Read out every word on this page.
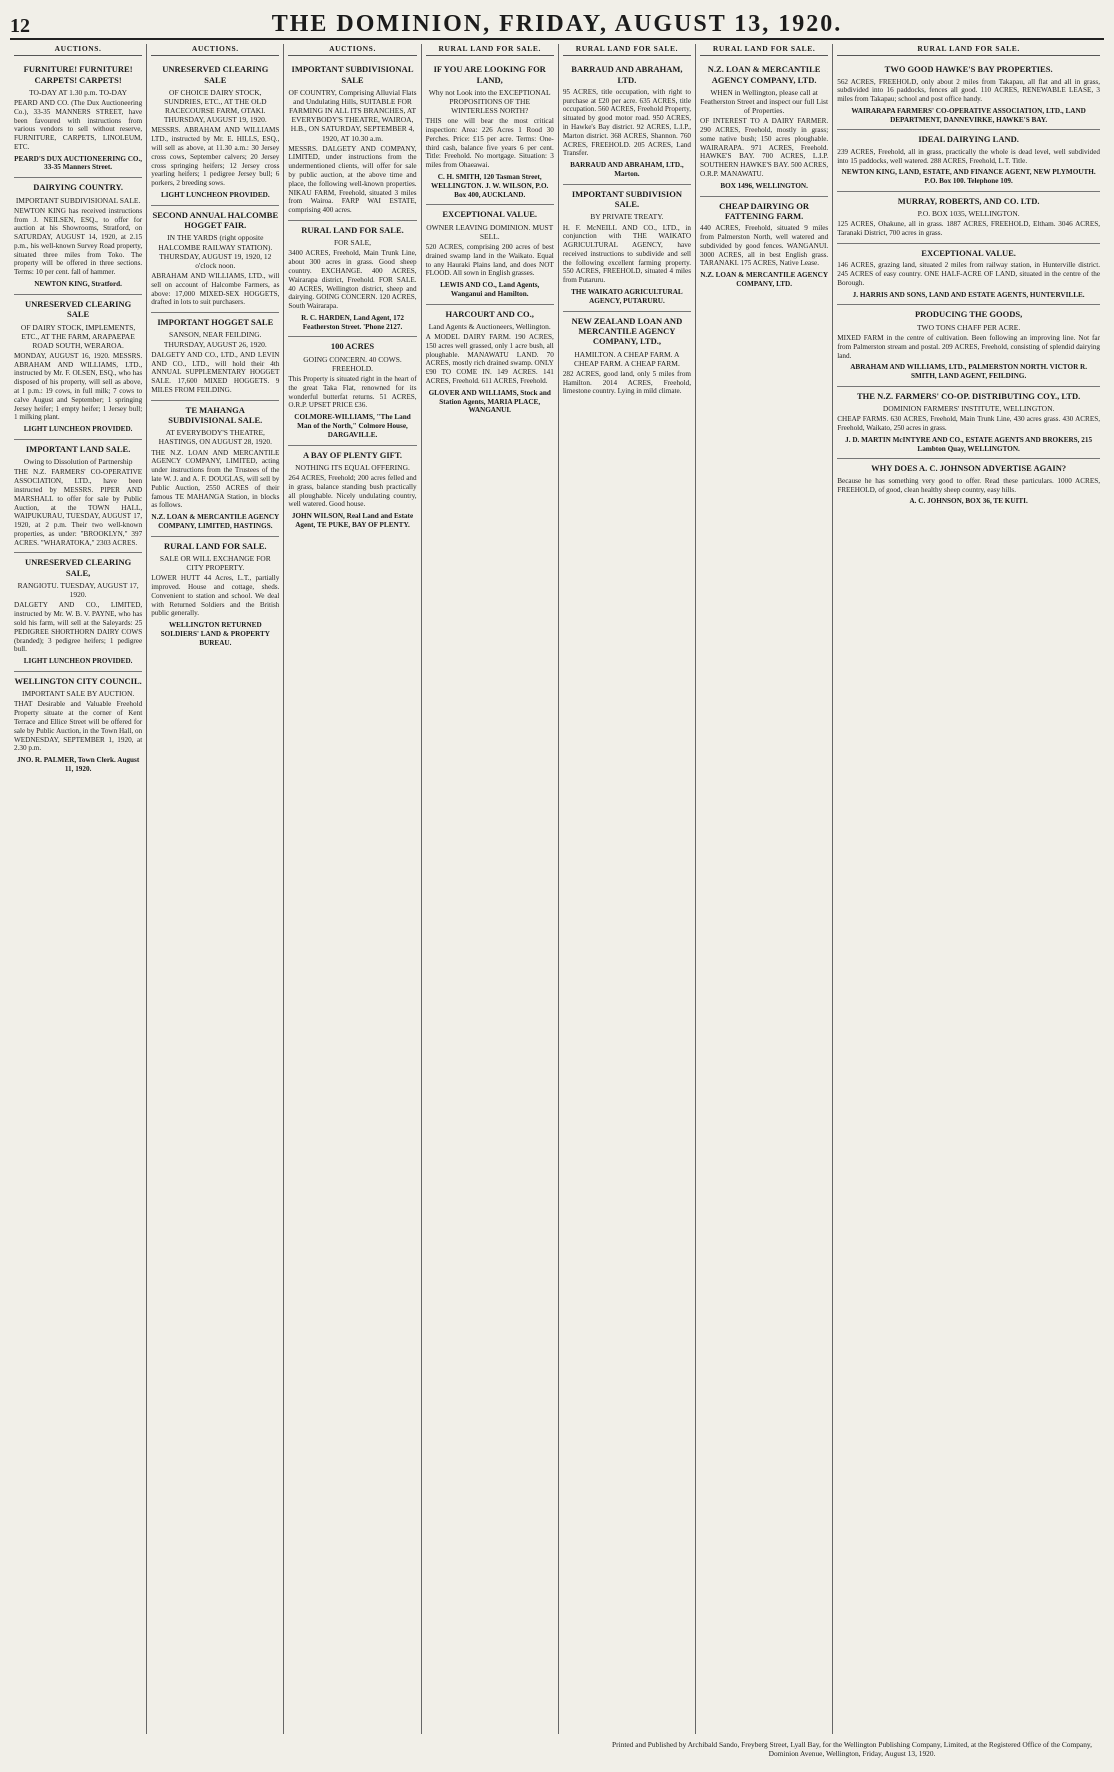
12	THE DOMINION, FRIDAY, AUGUST 13, 1920.
AUCTIONS.
FURNITURE! FURNITURE! CARPETS! CARPETS!
TO-DAY AT 1.30 p.m. TO-DAY
PEARD AND CO. (The Dux Auctioneering Co.), 33-35 MANNERS STREET, have been favoured with instructions from various vendors to sell without reserve, FURNITURE, CARPETS, LINOLEUM, ETC.
PEARD'S DUX AUCTIONEERING CO., 33-35 Manners Street.
DAIRYING COUNTRY.
IMPORTANT SUBDIVISIONAL SALE.
NEWTON KING has received instructions from J. NEILSEN, ESQ., to offer for auction at his Showrooms, Stratford, on SATURDAY, AUGUST 14, 1920, at 2.15 p.m., his well-known Survey Road property, situated three miles from Toko. The property will be offered in three sections. Terms: 10 per cent. fall of hammer.
NEWTON KING, Stratford.
UNRESERVED CLEARING SALE
OF DAIRY STOCK, IMPLEMENTS, ETC., AT THE FARM, ARAPAEPAE ROAD SOUTH, WERAROA.
MONDAY, AUGUST 16, 1920. MESSRS. ABRAHAM AND WILLIAMS, LTD., instructed by Mr. F. OLSEN, ESQ., who has disposed of his property, will sell as above, at 1 p.m.: 19 cows, in full milk; 7 cows to calve August and September; 1 springing Jersey heifer; 1 empty heifer; 1 Jersey bull; 1 milking plant.
LIGHT LUNCHEON PROVIDED.
IMPORTANT LAND SALE.
Owing to Dissolution of Partnership
THE N.Z. FARMERS' CO-OPERATIVE ASSOCIATION, LTD., have been instructed by MESSRS. PIPER AND MARSHALL to offer for sale by Public Auction, at the TOWN HALL, WAIPUKURAU, TUESDAY, AUGUST 17, 1920, at 2 p.m. Their two well-known properties, as under: "BROOKLYN," 397 ACRES. "WHARATOKA," 2303 ACRES.
UNRESERVED CLEARING SALE,
RANGIOTU. TUESDAY, AUGUST 17, 1920.
DALGETY AND CO., LIMITED, instructed by Mr. W. B. V. PAYNE, who has sold his farm, will sell at the Saleyards: 25 PEDIGREE SHORTHORN DAIRY COWS (branded); 3 pedigree heifers; 1 pedigree bull.
LIGHT LUNCHEON PROVIDED.
WELLINGTON CITY COUNCIL.
IMPORTANT SALE BY AUCTION.
THAT Desirable and Valuable Freehold Property situate at the corner of Kent Terrace and Ellice Street will be offered for sale by Public Auction, in the Town Hall, on WEDNESDAY, SEPTEMBER 1, 1920, at 2.30 p.m.
JNO. R. PALMER, Town Clerk. August 11, 1920.
AUCTIONS.
UNRESERVED CLEARING SALE
OF CHOICE DAIRY STOCK, SUNDRIES, ETC., AT THE OLD RACECOURSE FARM, OTAKI. THURSDAY, AUGUST 19, 1920.
MESSRS. ABRAHAM AND WILLIAMS LTD., instructed by Mr. E. HILLS, ESQ., will sell as above, at 11.30 a.m.: 30 Jersey cross cows, September calvers; 20 Jersey cross springing heifers; 12 Jersey cross yearling heifers; 1 pedigree Jersey bull; 6 porkers, 2 breeding sows.
LIGHT LUNCHEON PROVIDED.
SECOND ANNUAL HALCOMBE HOGGET FAIR.
IN THE YARDS (right opposite HALCOMBE RAILWAY STATION). THURSDAY, AUGUST 19, 1920, 12 o'clock noon.
ABRAHAM AND WILLIAMS, LTD., will sell on account of Halcombe Farmers, as above: 17,000 MIXED-SEX HOGGETS, drafted in lots to suit purchasers.
IMPORTANT HOGGET SALE
SANSON, NEAR FEILDING. THURSDAY, AUGUST 26, 1920.
DALGETY AND CO., LTD., AND LEVIN AND CO., LTD., will hold their 4th ANNUAL SUPPLEMENTARY HOGGET SALE. 17,600 MIXED HOGGETS. 9 MILES FROM FEILDING.
TE MAHANGA SUBDIVISIONAL SALE.
AT EVERYBODY'S THEATRE, HASTINGS, ON AUGUST 28, 1920.
THE N.Z. LOAN AND MERCANTILE AGENCY COMPANY, LIMITED, acting under instructions from the Trustees of the late W. J. and A. F. DOUGLAS, will sell by Public Auction, 2550 ACRES of their famous TE MAHANGA Station, in blocks as follows.
N.Z. LOAN & MERCANTILE AGENCY COMPANY, LIMITED, HASTINGS.
RURAL LAND FOR SALE.
SALE OR WILL EXCHANGE FOR CITY PROPERTY.
LOWER HUTT 44 Acres, L.T., partially improved. House and cottage, sheds. Convenient to station and school. We deal with Returned Soldiers and the British public generally.
WELLINGTON RETURNED SOLDIERS' LAND & PROPERTY BUREAU.
AUCTIONS.
IMPORTANT SUBDIVISIONAL SALE
OF COUNTRY, Comprising Alluvial Flats and Undulating Hills, SUITABLE FOR FARMING IN ALL ITS BRANCHES, AT EVERYBODY'S THEATRE, WAIROA, H.B., ON SATURDAY, SEPTEMBER 4, 1920, AT 10.30 a.m.
MESSRS. DALGETY AND COMPANY, LIMITED, under instructions from the undermentioned clients, will offer for sale by public auction, at the above time and place, the following well-known properties. NIKAU FARM, Freehold, situated 3 miles from Wairoa. FARP WAI ESTATE, comprising 400 acres.
RURAL LAND FOR SALE.
FOR SALE,
3400 ACRES, Freehold, Main Trunk Line, about 300 acres in grass. Good sheep country. EXCHANGE. 400 ACRES, Wairarapa district, Freehold. FOR SALE. 40 ACRES, Wellington district, sheep and dairying. GOING CONCERN. 120 ACRES, South Wairarapa.
R. C. HARDEN, Land Agent, 172 Featherston Street. 'Phone 2127.
100 ACRES
GOING CONCERN. 40 COWS. FREEHOLD.
This Property is situated right in the heart of the great Taka Flat, renowned for its wonderful butterfat returns. 51 ACRES, O.R.P. UPSET PRICE £36.
COLMORE-WILLIAMS, "The Land Man of the North," Colmore House, DARGAVILLE.
A BAY OF PLENTY GIFT.
NOTHING ITS EQUAL OFFERING.
264 ACRES, Freehold; 200 acres felled and in grass, balance standing bush practically all ploughable. Nicely undulating country, well watered. Good house.
JOHN WILSON, Real Land and Estate Agent, TE PUKE, BAY OF PLENTY.
RURAL LAND FOR SALE.
IF YOU ARE LOOKING FOR LAND,
Why not Look into the EXCEPTIONAL PROPOSITIONS OF THE WINTERLESS NORTH?
THIS one will bear the most critical inspection: Area: 226 Acres 1 Rood 30 Perches. Price: £15 per acre. Terms: One-third cash, balance five years 6 per cent. Title: Freehold. No mortgage. Situation: 3 miles from Ohaeawai.
C. H. SMITH, 120 Tasman Street, WELLINGTON. J. W. WILSON, P.O. Box 400, AUCKLAND.
EXCEPTIONAL VALUE.
OWNER LEAVING DOMINION. MUST SELL.
520 ACRES, comprising 200 acres of best drained swamp land in the Waikato. Equal to any Hauraki Plains land, and does NOT FLOOD. All sown in English grasses.
LEWIS AND CO., Land Agents, Wanganui and Hamilton.
HARCOURT AND CO.,
Land Agents & Auctioneers, Wellington.
A MODEL DAIRY FARM. 190 ACRES, 150 acres well grassed, only 1 acre bush, all ploughable. MANAWATU LAND. 70 ACRES, mostly rich drained swamp. ONLY £90 TO COME IN. 149 ACRES. 141 ACRES, Freehold. 611 ACRES, Freehold.
GLOVER AND WILLIAMS, Stock and Station Agents, MARIA PLACE, WANGANUI.
RURAL LAND FOR SALE.
BARRAUD AND ABRAHAM, LTD.
95 ACRES, title occupation, with right to purchase at £20 per acre. 635 ACRES, title occupation. 560 ACRES, Freehold Property, situated by good motor road. 950 ACRES, in Hawke's Bay district. 92 ACRES, L.I.P., Marton district. 368 ACRES, Shannon. 760 ACRES, FREEHOLD. 205 ACRES, Land Transfer.
BARRAUD AND ABRAHAM, LTD., Marton.
IMPORTANT SUBDIVISION SALE.
BY PRIVATE TREATY.
H. F. McNEILL AND CO., LTD., in conjunction with THE WAIKATO AGRICULTURAL AGENCY, have received instructions to subdivide and sell the following excellent farming property. 550 ACRES, FREEHOLD, situated 4 miles from Putaruru.
THE WAIKATO AGRICULTURAL AGENCY, PUTARURU.
NEW ZEALAND LOAN AND MERCANTILE AGENCY COMPANY, LTD.,
HAMILTON. A CHEAP FARM. A CHEAP FARM. A CHEAP FARM.
282 ACRES, good land, only 5 miles from Hamilton. 2014 ACRES, Freehold, limestone country. Lying in mild climate.
RURAL LAND FOR SALE.
N.Z. LOAN & MERCANTILE AGENCY COMPANY, LTD.
WHEN in Wellington, please call at Featherston Street and inspect our full List of Properties.
OF INTEREST TO A DAIRY FARMER. 290 ACRES, Freehold, mostly in grass; some native bush; 150 acres ploughable. WAIRARAPA. 971 ACRES, Freehold. HAWKE'S BAY. 700 ACRES, L.I.P. SOUTHERN HAWKE'S BAY. 500 ACRES, O.R.P. MANAWATU.
BOX 1496, WELLINGTON.
CHEAP DAIRYING OR FATTENING FARM.
440 ACRES, Freehold, situated 9 miles from Palmerston North, well watered and subdivided by good fences. WANGANUI. 3000 ACRES, all in best English grass. TARANAKI. 175 ACRES, Native Lease.
N.Z. LOAN & MERCANTILE AGENCY COMPANY, LTD.
RURAL LAND FOR SALE.
TWO GOOD HAWKE'S BAY PROPERTIES.
562 ACRES, FREEHOLD, only about 2 miles from Takapau, all flat and all in grass, subdivided into 16 paddocks, fences all good. 110 ACRES, RENEWABLE LEASE, 3 miles from Takapau; school and post office handy.
WAIRARAPA FARMERS' CO-OPERATIVE ASSOCIATION, LTD., LAND DEPARTMENT, DANNEVIRKE, HAWKE'S BAY.
IDEAL DAIRYING LAND.
239 ACRES, Freehold, all in grass, practically the whole is dead level, well subdivided into 15 paddocks, well watered. 288 ACRES, Freehold, L.T. Title.
NEWTON KING, LAND, ESTATE, AND FINANCE AGENT, NEW PLYMOUTH. P.O. Box 100. Telephone 109.
MURRAY, ROBERTS, AND CO. LTD.
P.O. BOX 1035, WELLINGTON.
125 ACRES, Ohakune, all in grass. 1887 ACRES, FREEHOLD, Eltham. 3046 ACRES, Taranaki District, 700 acres in grass.
EXCEPTIONAL VALUE.
146 ACRES, grazing land, situated 2 miles from railway station, in Hunterville district. 245 ACRES of easy country. ONE HALF-ACRE OF LAND, situated in the centre of the Borough.
J. HARRIS AND SONS, LAND AND ESTATE AGENTS, HUNTERVILLE.
PRODUCING THE GOODS,
TWO TONS CHAFF PER ACRE.
MIXED FARM in the centre of cultivation. Been following an improving line. Not far from Palmerston stream and postal. 209 ACRES, Freehold, consisting of splendid dairying land.
ABRAHAM AND WILLIAMS, LTD., PALMERSTON NORTH. VICTOR R. SMITH, LAND AGENT, FEILDING.
THE N.Z. FARMERS' CO-OP. DISTRIBUTING COY., LTD.
DOMINION FARMERS' INSTITUTE, WELLINGTON.
CHEAP FARMS. 630 ACRES, Freehold, Main Trunk Line, 430 acres grass. 430 ACRES, Freehold, Waikato, 250 acres in grass.
J. D. MARTIN McINTYRE AND CO., ESTATE AGENTS AND BROKERS, 215 Lambton Quay, WELLINGTON.
WHY DOES A. C. JOHNSON ADVERTISE AGAIN?
Because he has something very good to offer. Read these particulars. 1000 ACRES, FREEHOLD, of good, clean healthy sheep country, easy hills.
A. C. JOHNSON, BOX 36, TE KUITI.
Printed and Published by Archibald Sando, Freyberg Street, Lyall Bay, for the Wellington Publishing Company, Limited, at the Registered Office of the Company, Dominion Avenue, Wellington, Friday, August 13, 1920.
